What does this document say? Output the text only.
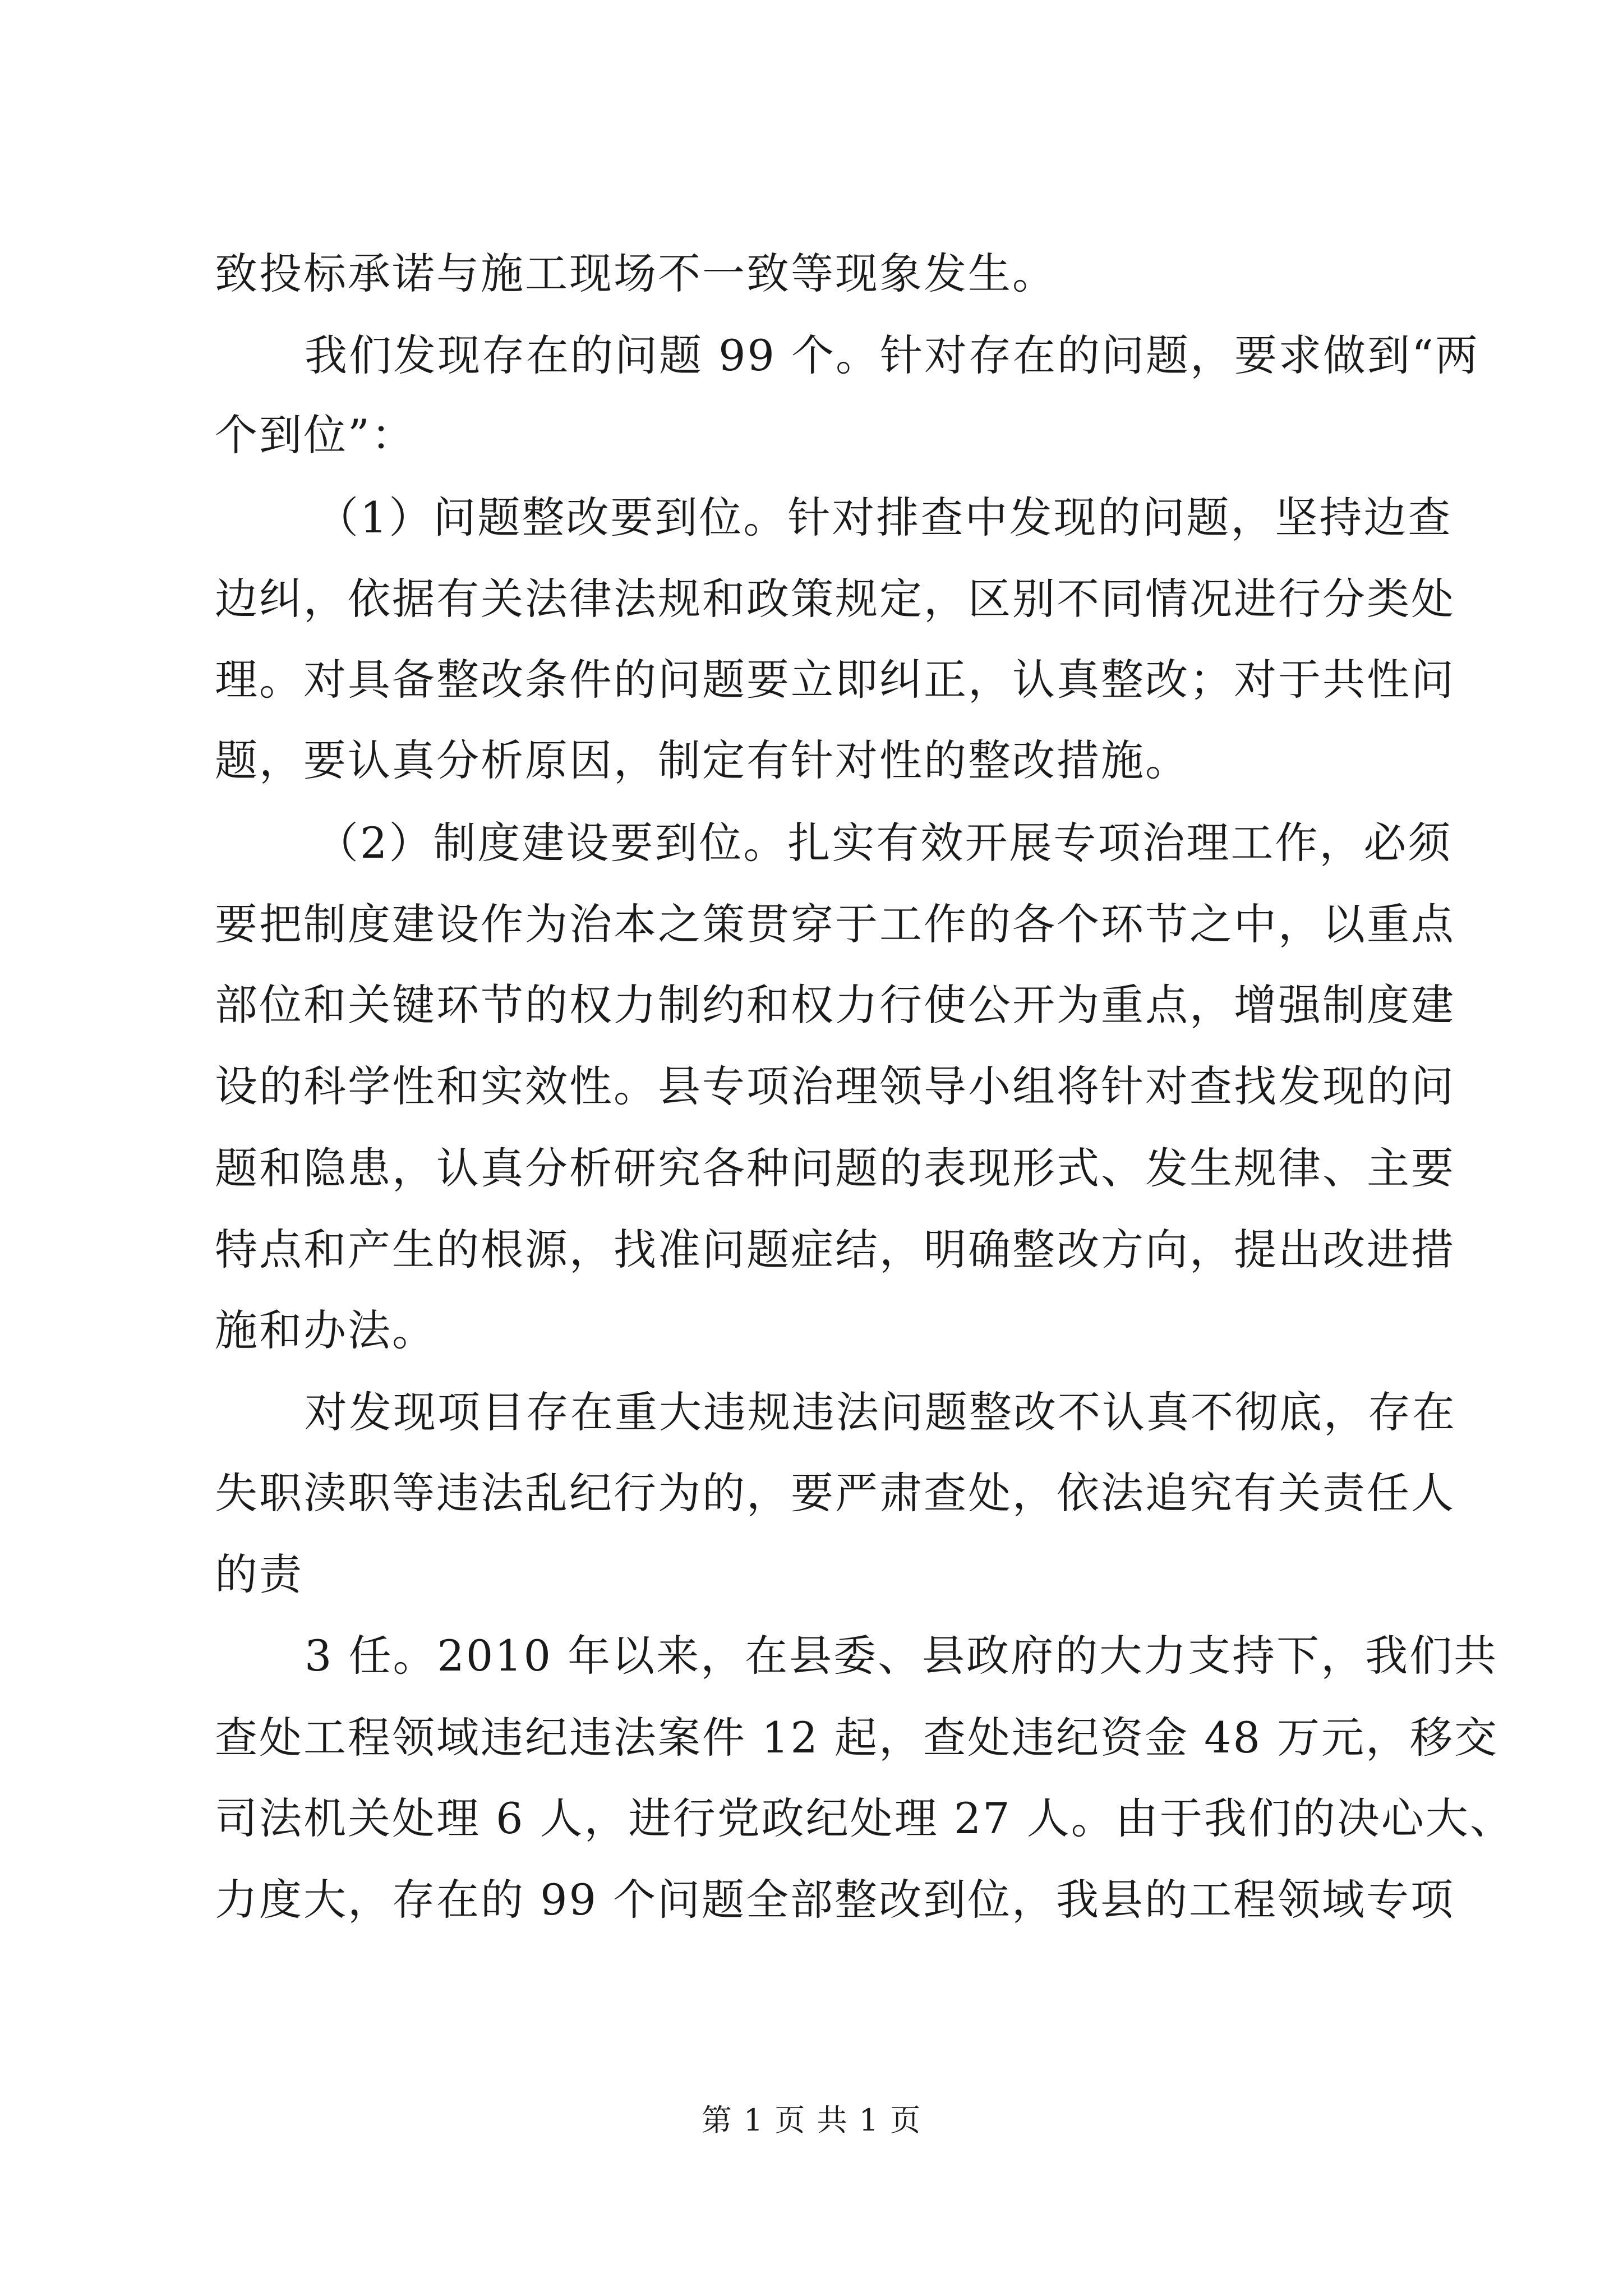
致投标承诺与施工现场不一致等现象发生。
我们发现存在的问题 99 个。针对存在的问题，要求做到“两
个到位”：
（1）问题整改要到位。针对排查中发现的问题，坚持边查
边纠，依据有关法律法规和政策规定，区别不同情况进行分类处
理。对具备整改条件的问题要立即纠正，认真整改；对于共性问
题，要认真分析原因，制定有针对性的整改措施。
（2）制度建设要到位。扎实有效开展专项治理工作，必须
要把制度建设作为治本之策贯穿于工作的各个环节之中，以重点
部位和关键环节的权力制约和权力行使公开为重点，增强制度建
设的科学性和实效性。县专项治理领导小组将针对查找发现的问
题和隐患，认真分析研究各种问题的表现形式、发生规律、主要
特点和产生的根源，找准问题症结，明确整改方向，提出改进措
施和办法。
对发现项目存在重大违规违法问题整改不认真不彻底，存在
失职渎职等违法乱纪行为的，要严肃查处，依法追究有关责任人
的责
3 任。2010 年以来，在县委、县政府的大力支持下，我们共
查处工程领域违纪违法案件 12 起，查处违纪资金 48 万元，移交
司法机关处理 6 人，进行党政纪处理 27 人。由于我们的决心大、
力度大，存在的 99 个问题全部整改到位，我县的工程领域专项
第 1 页 共 1 页
